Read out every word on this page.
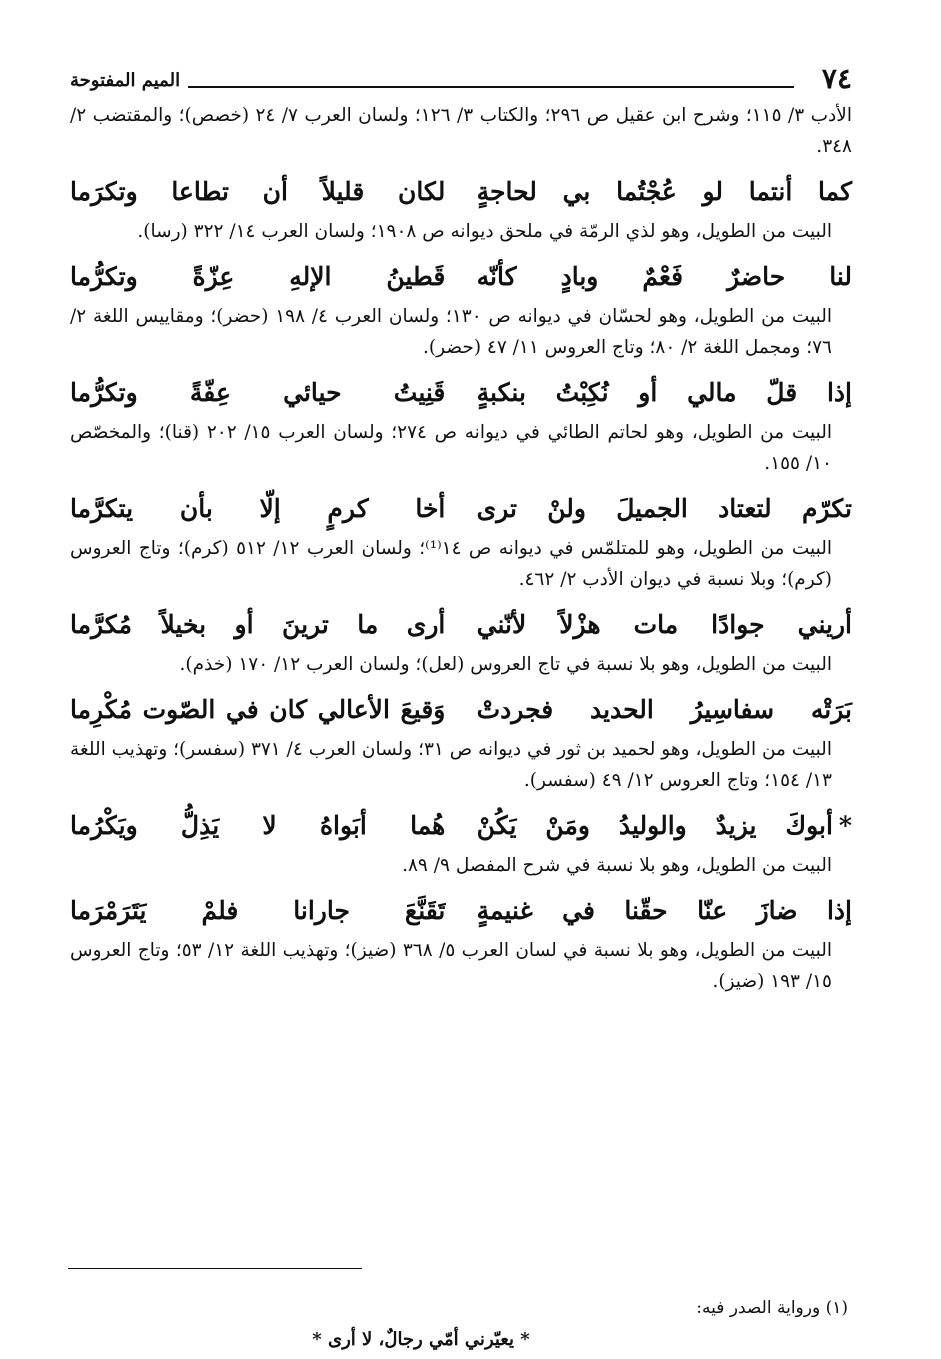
٧٤
الميم المفتوحة

الأدب ٣/ ١١٥؛ وشرح ابن عقيل ص ٢٩٦؛ والكتاب ٣/ ١٢٦؛ ولسان العرب ٧/ ٢٤ (خصص)؛ والمقتضب ٢/ ٣٤٨.

كما أنتما لو عُجْتُما بي لحاجةٍ
لكان قليلاً أن تطاعا وتكرَما

البيت من الطويل، وهو لذي الرمّة في ملحق ديوانه ص ١٩٠٨؛ ولسان العرب ١٤/ ٣٢٢ (رسا).

لنا حاضرٌ فَعْمٌ وبادٍ كأنّه
قَطينُ الإلهِ عِزّةً وتكرُّما

البيت من الطويل، وهو لحسّان في ديوانه ص ١٣٠؛ ولسان العرب ٤/ ١٩٨ (حضر)؛ ومقاييس اللغة ٢/ ٧٦؛ ومجمل اللغة ٢/ ٨٠؛ وتاج العروس ١١/ ٤٧ (حضر).

إذا قلّ مالي أو نُكِبْتُ بنكبةٍ
قَنِيتُ حيائي عِفّةً وتكرُّما

البيت من الطويل، وهو لحاتم الطائي في ديوانه ص ٢٧٤؛ ولسان العرب ١٥/ ٢٠٢ (قنا)؛ والمخصّص ١٠/ ١٥٥.

تكرّم لتعتاد الجميلَ ولنْ ترى
أخا كرمٍ إلّا بأن يتكرَّما

البيت من الطويل، وهو للمتلمّس في ديوانه ص ١٤⁽¹⁾؛ ولسان العرب ١٢/ ٥١٢ (كرم)؛ وتاج العروس (كرم)؛ وبلا نسبة في ديوان الأدب ٢/ ٤٦٢.

أريني جوادًا مات هزْلاً لأنّني
أرى ما ترينَ أو بخيلاً مُكرَّما

البيت من الطويل، وهو بلا نسبة في تاج العروس (لعل)؛ ولسان العرب ١٢/ ١٧٠ (خذم).

بَرَتْه سفاسِيرُ الحديد فجردتْ
وَقيعَ الأعالي كان في الصّوت مُكْرِما

البيت من الطويل، وهو لحميد بن ثور في ديوانه ص ٣١؛ ولسان العرب ٤/ ٣٧١ (سفسر)؛ وتهذيب اللغة ١٣/ ١٥٤؛ وتاج العروس ١٢/ ٤٩ (سفسر).

*أبوكَ يزيدٌ والوليدُ ومَنْ يَكُنْ
هُما أبَواهُ لا يَذِلُّ ويَكْرُما

البيت من الطويل، وهو بلا نسبة في شرح المفصل ٩/ ٨٩.

إذا ضازَ عنّا حقّنا في غنيمةٍ
تَقَنَّعَ جارانا فلمْ يَتَرَمْرَما

البيت من الطويل، وهو بلا نسبة في لسان العرب ٥/ ٣٦٨ (ضيز)؛ وتهذيب اللغة ١٢/ ٥٣؛ وتاج العروس ١٥/ ١٩٣ (ضيز).

(١) ورواية الصدر فيه:
* يعيّرني أمّي رجالٌ، لا أرى *
